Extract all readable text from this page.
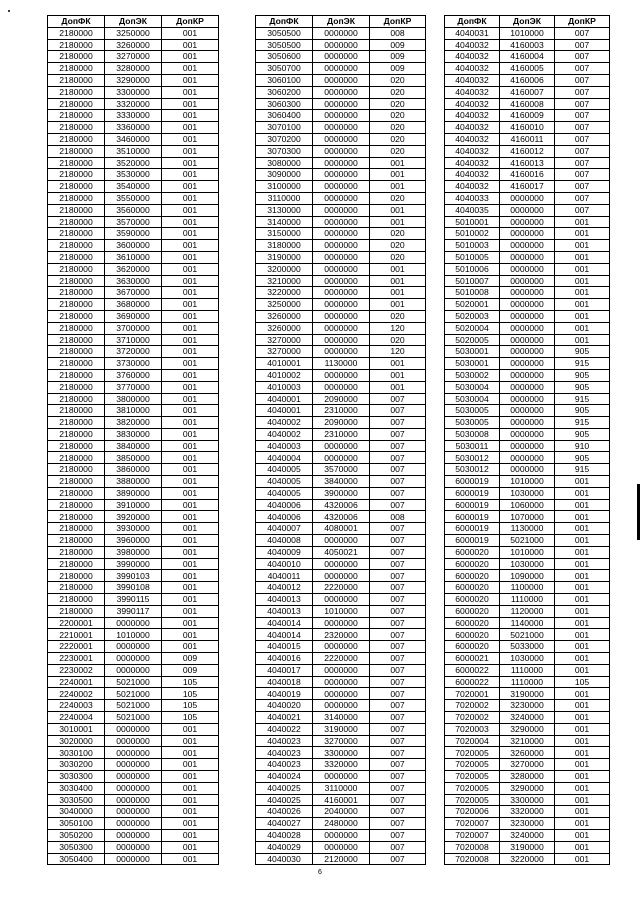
ДопФК	ДопЭК	ДопКР
2180000	3250000	001
2180000	3260000	001
2180000	3270000	001
2180000	3280000	001
2180000	3290000	001
2180000	3300000	001
2180000	3320000	001
2180000	3330000	001
2180000	3360000	001
2180000	3460000	001
2180000	3510000	001
2180000	3520000	001
2180000	3530000	001
2180000	3540000	001
2180000	3550000	001
2180000	3560000	001
2180000	3570000	001
2180000	3590000	001
2180000	3600000	001
2180000	3610000	001
2180000	3620000	001
2180000	3630000	001
2180000	3670000	001
2180000	3680000	001
2180000	3690000	001
2180000	3700000	001
2180000	3710000	001
2180000	3720000	001
2180000	3730000	001
2180000	3760000	001
2180000	3770000	001
2180000	3800000	001
2180000	3810000	001
2180000	3820000	001
2180000	3830000	001
2180000	3840000	001
2180000	3850000	001
2180000	3860000	001
2180000	3880000	001
2180000	3890000	001
2180000	3910000	001
2180000	3920000	001
2180000	3930000	001
2180000	3960000	001
2180000	3980000	001
2180000	3990000	001
2180000	3990103	001
2180000	3990108	001
2180000	3990115	001
2180000	3990117	001
2200001	0000000	001
2210001	1010000	001
2220001	0000000	001
2230001	0000000	009
2230002	0000000	009
2240001	5021000	105
2240002	5021000	105
2240003	5021000	105
2240004	5021000	105
3010001	0000000	001
3020000	0000000	001
3030100	0000000	001
3030200	0000000	001
3030300	0000000	001
3030400	0000000	001
3030500	0000000	001
3040000	0000000	001
3050100	0000000	001
3050200	0000000	001
3050300	0000000	001
3050400	0000000	001
ДопФК	ДопЭК	ДопКР
3050500	0000000	008
3050500	0000000	009
3050600	0000000	009
3050700	0000000	009
3060100	0000000	020
3060200	0000000	020
3060300	0000000	020
3060400	0000000	020
3070100	0000000	020
3070200	0000000	020
3070300	0000000	020
3080000	0000000	001
3090000	0000000	001
3100000	0000000	001
3110000	0000000	020
3130000	0000000	001
3140000	0000000	001
3150000	0000000	020
3180000	0000000	020
3190000	0000000	020
3200000	0000000	001
3210000	0000000	001
3220000	0000000	001
3250000	0000000	001
3260000	0000000	020
3260000	0000000	120
3270000	0000000	020
3270000	0000000	120
4010001	1130000	001
4010002	0000000	001
4010003	0000000	001
4040001	2090000	007
4040001	2310000	007
4040002	2090000	007
4040002	2310000	007
4040003	0000000	007
4040004	0000000	007
4040005	3570000	007
4040005	3840000	007
4040005	3900000	007
4040006	4320006	007
4040006	4320006	008
4040007	4080001	007
4040008	0000000	007
4040009	4050021	007
4040010	0000000	007
4040011	0000000	007
4040012	2220000	007
4040013	0000000	007
4040013	1010000	007
4040014	0000000	007
4040014	2320000	007
4040015	0000000	007
4040016	2220000	007
4040017	0000000	007
4040018	0000000	007
4040019	0000000	007
4040020	0000000	007
4040021	3140000	007
4040022	3190000	007
4040023	3270000	007
4040023	3300000	007
4040023	3320000	007
4040024	0000000	007
4040025	3110000	007
4040025	4160001	007
4040026	2040000	007
4040027	2480000	007
4040028	0000000	007
4040029	0000000	007
4040030	2120000	007
ДопФК	ДопЭК	ДопКР
4040031	1010000	007
4040032	4160003	007
4040032	4160004	007
4040032	4160005	007
4040032	4160006	007
4040032	4160007	007
4040032	4160008	007
4040032	4160009	007
4040032	4160010	007
4040032	4160011	007
4040032	4160012	007
4040032	4160013	007
4040032	4160016	007
4040032	4160017	007
4040033	0000000	007
4040035	0000000	007
5010001	0000000	001
5010002	0000000	001
5010003	0000000	001
5010005	0000000	001
5010006	0000000	001
5010007	0000000	001
5010008	0000000	001
5020001	0000000	001
5020003	0000000	001
5020004	0000000	001
5020005	0000000	001
5030001	0000000	905
5030001	0000000	915
5030002	0000000	905
5030004	0000000	905
5030004	0000000	915
5030005	0000000	905
5030005	0000000	915
5030008	0000000	905
5030011	0000000	910
5030012	0000000	905
5030012	0000000	915
6000019	1010000	001
6000019	1030000	001
6000019	1060000	001
6000019	1070000	001
6000019	1130000	001
6000019	5021000	001
6000020	1010000	001
6000020	1030000	001
6000020	1090000	001
6000020	1100000	001
6000020	1110000	001
6000020	1120000	001
6000020	1140000	001
6000020	5021000	001
6000020	5033000	001
6000021	1030000	001
6000022	1110000	001
6000022	1110000	105
7020001	3190000	001
7020002	3230000	001
7020002	3240000	001
7020003	3290000	001
7020004	3210000	001
7020005	3260000	001
7020005	3270000	001
7020005	3280000	001
7020005	3290000	001
7020005	3300000	001
7020006	3320000	001
7020007	3230000	001
7020007	3240000	001
7020008	3190000	001
7020008	3220000	001
6
